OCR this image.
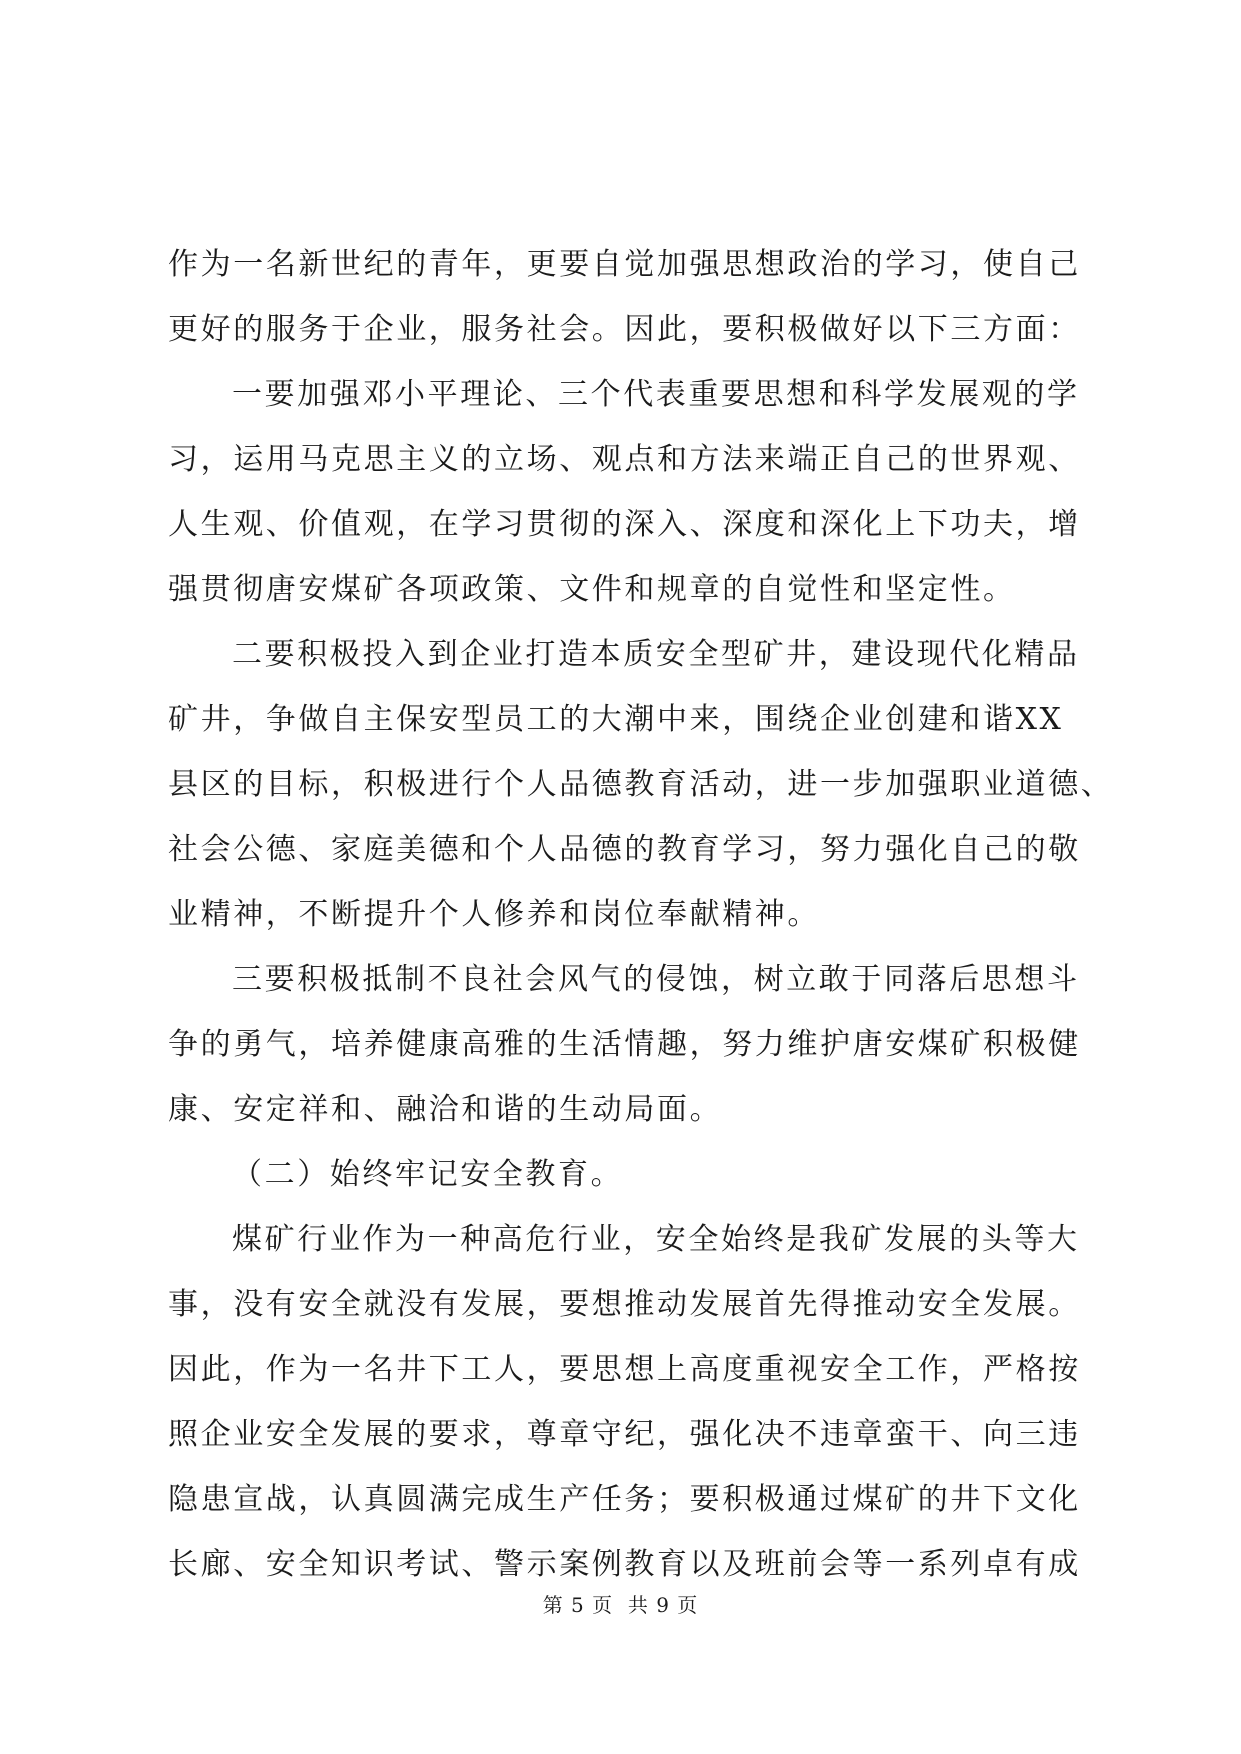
作为一名新世纪的青年，更要自觉加强思想政治的学习，使自己
更好的服务于企业，服务社会。因此，要积极做好以下三方面：
一要加强邓小平理论、三个代表重要思想和科学发展观的学
习，运用马克思主义的立场、观点和方法来端正自己的世界观、
人生观、价值观，在学习贯彻的深入、深度和深化上下功夫，增
强贯彻唐安煤矿各项政策、文件和规章的自觉性和坚定性。
二要积极投入到企业打造本质安全型矿井，建设现代化精品
矿井，争做自主保安型员工的大潮中来，围绕企业创建和谐XX
县区的目标，积极进行个人品德教育活动，进一步加强职业道德、
社会公德、家庭美德和个人品德的教育学习，努力强化自己的敬
业精神，不断提升个人修养和岗位奉献精神。
三要积极抵制不良社会风气的侵蚀，树立敢于同落后思想斗
争的勇气，培养健康高雅的生活情趣，努力维护唐安煤矿积极健
康、安定祥和、融洽和谐的生动局面。
（二）始终牢记安全教育。
煤矿行业作为一种高危行业，安全始终是我矿发展的头等大
事，没有安全就没有发展，要想推动发展首先得推动安全发展。
因此，作为一名井下工人，要思想上高度重视安全工作，严格按
照企业安全发展的要求，尊章守纪，强化决不违章蛮干、向三违
隐患宣战，认真圆满完成生产任务；要积极通过煤矿的井下文化
长廊、安全知识考试、警示案例教育以及班前会等一系列卓有成
第 5 页  共 9 页
